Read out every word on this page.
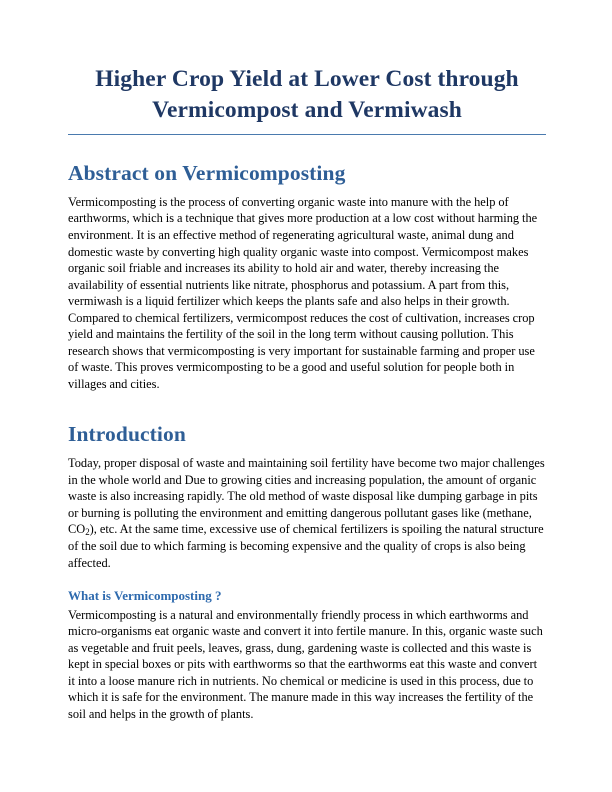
Higher Crop Yield at Lower Cost through
Vermicompost and Vermiwash
Abstract on Vermicomposting

Vermicomposting is the process of converting organic waste into manure with the help of earthworms, which is a technique that gives more production at a low cost without harming the environment. It is an effective method of regenerating agricultural waste, animal dung and domestic waste by converting high quality organic waste into compost. Vermicompost makes organic soil friable and increases its ability to hold air and water, thereby increasing the availability of essential nutrients like nitrate, phosphorus and potassium. A part from this, vermiwash is a liquid fertilizer which keeps the plants safe and also helps in their growth. Compared to chemical fertilizers, vermicompost reduces the cost of cultivation, increases crop yield and maintains the fertility of the soil in the long term without causing pollution. This research shows that vermicomposting is very important for sustainable farming and proper use of waste. This proves vermicomposting to be a good and useful solution for people both in villages and cities.

Introduction

Today, proper disposal of waste and maintaining soil fertility have become two major challenges in the whole world and Due to growing cities and increasing population, the amount of organic waste is also increasing rapidly. The old method of waste disposal like dumping garbage in pits or burning is polluting the environment and emitting dangerous pollutant gases like (methane, $CO_2$), etc. At the same time, excessive use of chemical fertilizers is spoiling the natural structure of the soil due to which farming is becoming expensive and the quality of crops is also being affected.

What is Vermicomposting ?

Vermicomposting is a natural and environmentally friendly process in which earthworms and micro-organisms eat organic waste and convert it into fertile manure. In this, organic waste such as vegetable and fruit peels, leaves, grass, dung, gardening waste is collected and this waste is kept in special boxes or pits with earthworms so that the earthworms eat this waste and convert it into a loose manure rich in nutrients. No chemical or medicine is used in this process, due to which it is safe for the environment. The manure made in this way increases the fertility of the soil and helps in the growth of plants.
